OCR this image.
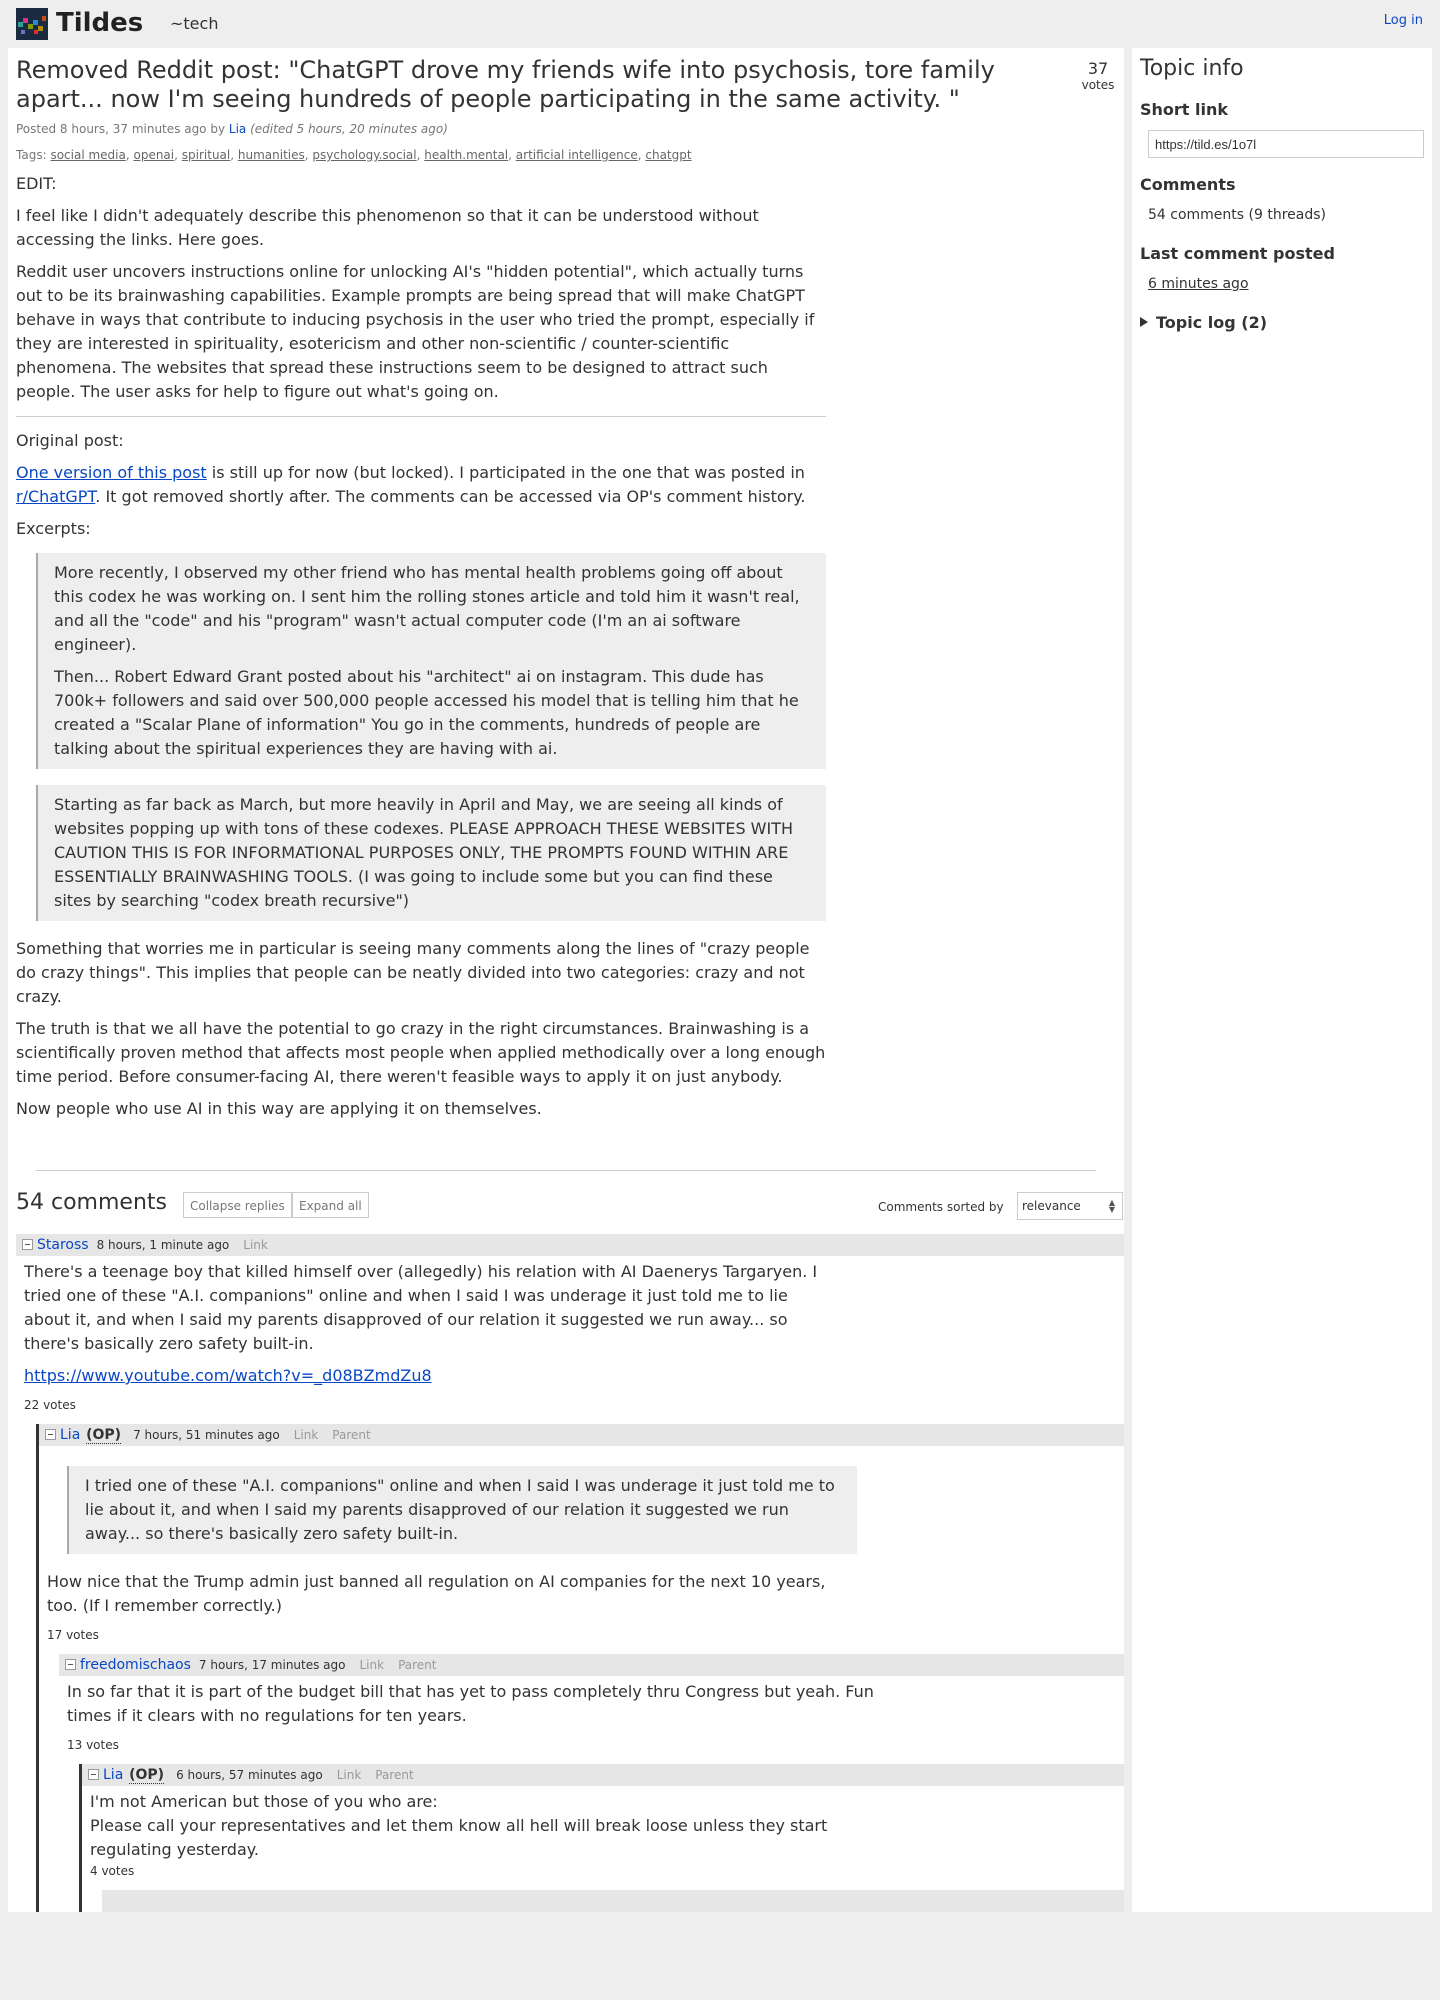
Tildes ~tech	Log in
Removed Reddit post: "ChatGPT drove my friends wife into psychosis, tore family apart... now I'm seeing hundreds of people participating in the same activity. "
37
votes
Posted 8 hours, 37 minutes ago by Lia (edited 5 hours, 20 minutes ago)
Tags: social media, openai, spiritual, humanities, psychology.social, health.mental, artificial intelligence, chatgpt

EDIT:

I feel like I didn't adequately describe this phenomenon so that it can be understood without accessing the links. Here goes.

Reddit user uncovers instructions online for unlocking AI's "hidden potential", which actually turns out to be its brainwashing capabilities. Example prompts are being spread that will make ChatGPT behave in ways that contribute to inducing psychosis in the user who tried the prompt, especially if they are interested in spirituality, esotericism and other non-scientific / counter-scientific phenomena. The websites that spread these instructions seem to be designed to attract such people. The user asks for help to figure out what's going on.

Original post:

One version of this post is still up for now (but locked). I participated in the one that was posted in r/ChatGPT. It got removed shortly after. The comments can be accessed via OP's comment history.

Excerpts:

More recently, I observed my other friend who has mental health problems going off about this codex he was working on. I sent him the rolling stones article and told him it wasn't real, and all the "code" and his "program" wasn't actual computer code (I'm an ai software engineer).

Then... Robert Edward Grant posted about his "architect" ai on instagram. This dude has 700k+ followers and said over 500,000 people accessed his model that is telling him that he created a "Scalar Plane of information" You go in the comments, hundreds of people are talking about the spiritual experiences they are having with ai.

Starting as far back as March, but more heavily in April and May, we are seeing all kinds of websites popping up with tons of these codexes. PLEASE APPROACH THESE WEBSITES WITH CAUTION THIS IS FOR INFORMATIONAL PURPOSES ONLY, THE PROMPTS FOUND WITHIN ARE ESSENTIALLY BRAINWASHING TOOLS. (I was going to include some but you can find these sites by searching "codex breath recursive")

Something that worries me in particular is seeing many comments along the lines of "crazy people do crazy things". This implies that people can be neatly divided into two categories: crazy and not crazy.

The truth is that we all have the potential to go crazy in the right circumstances. Brainwashing is a scientifically proven method that affects most people when applied methodically over a long enough time period. Before consumer-facing AI, there weren't feasible ways to apply it on just anybody.

Now people who use AI in this way are applying it on themselves.

54 comments	Collapse replies	Expand all	Comments sorted by	relevance	▲
▼
Staross 8 hours, 1 minute ago Link

There's a teenage boy that killed himself over (allegedly) his relation with AI Daenerys Targaryen. I tried one of these "A.I. companions" online and when I said I was underage it just told me to lie about it, and when I said my parents disapproved of our relation it suggested we run away... so there's basically zero safety built-in.

https://www.youtube.com/watch?v=_d08BZmdZu8

22 votes
Lia (OP) 7 hours, 51 minutes ago Link Parent
I tried one of these "A.I. companions" online and when I said I was underage it just told me to lie about it, and when I said my parents disapproved of our relation it suggested we run away... so there's basically zero safety built-in.

How nice that the Trump admin just banned all regulation on AI companies for the next 10 years, too. (If I remember correctly.)

17 votes
freedomischaos 7 hours, 17 minutes ago Link Parent

In so far that it is part of the budget bill that has yet to pass completely thru Congress but yeah. Fun times if it clears with no regulations for ten years.

13 votes
Lia (OP) 6 hours, 57 minutes ago Link Parent
I'm not American but those of you who are:
Please call your representatives and let them know all hell will break loose unless they start regulating yesterday.
4 votes
Topic info
Short link
https://tild.es/1o7l
Comments
54 comments (9 threads)
Last comment posted
6 minutes ago
Topic log (2)
